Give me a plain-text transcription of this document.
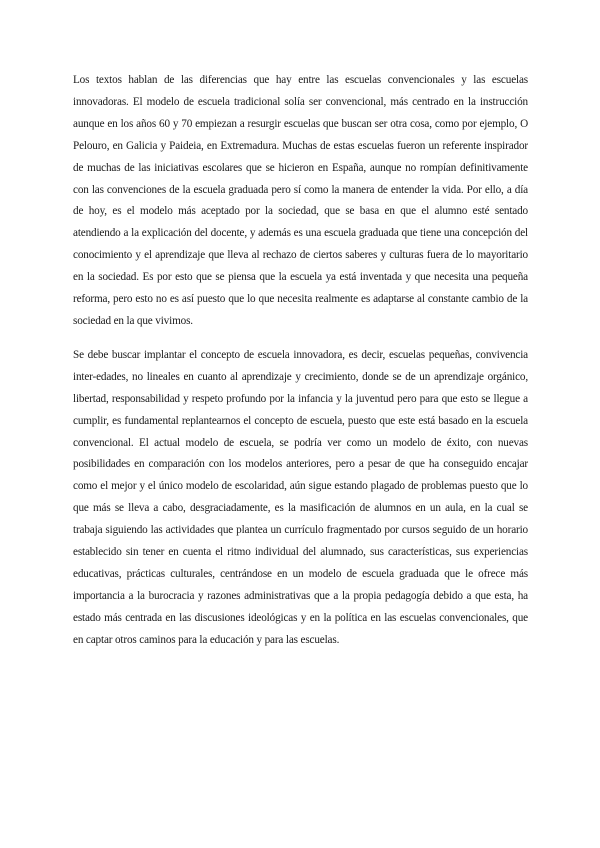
Los textos hablan de las diferencias que hay entre las escuelas convencionales y las escuelas innovadoras. El modelo de escuela tradicional solía ser convencional, más centrado en la instrucción aunque en los años 60 y 70 empiezan a resurgir escuelas que buscan ser otra cosa, como por ejemplo, O Pelouro, en Galicia y Paideia, en Extremadura. Muchas de estas escuelas fueron un referente inspirador de muchas de las iniciativas escolares que se hicieron en España, aunque no rompían definitivamente con las convenciones de la escuela graduada pero sí como la manera de entender la vida. Por ello, a día de hoy, es el modelo más aceptado por la sociedad, que se basa en que el alumno esté sentado atendiendo a la explicación del docente, y además es una escuela graduada que tiene una concepción del conocimiento y el aprendizaje que lleva al rechazo de ciertos saberes y culturas fuera de lo mayoritario en la sociedad. Es por esto que se piensa que la escuela ya está inventada y que necesita una pequeña reforma, pero esto no es así puesto que lo que necesita realmente es adaptarse al constante cambio de la sociedad en la que vivimos.

Se debe buscar implantar el concepto de escuela innovadora, es decir, escuelas pequeñas, convivencia inter-edades, no lineales en cuanto al aprendizaje y crecimiento, donde se de un aprendizaje orgánico, libertad, responsabilidad y respeto profundo por la infancia y la juventud pero para que esto se llegue a cumplir, es fundamental replantearnos el concepto de escuela, puesto que este está basado en la escuela convencional. El actual modelo de escuela, se podría ver como un modelo de éxito, con nuevas posibilidades en comparación con los modelos anteriores, pero a pesar de que ha conseguido encajar como el mejor y el único modelo de escolaridad, aún sigue estando plagado de problemas puesto que lo que más se lleva a cabo, desgraciadamente, es la masificación de alumnos en un aula, en la cual se trabaja siguiendo las actividades que plantea un currículo fragmentado por cursos seguido de un horario establecido sin tener en cuenta el ritmo individual del alumnado, sus características, sus experiencias educativas, prácticas culturales, centrándose en un modelo de escuela graduada que le ofrece más importancia a la burocracia y razones administrativas que a la propia pedagogía debido a que esta, ha estado más centrada en las discusiones ideológicas y en la política en las escuelas convencionales, que en captar otros caminos para la educación y para las escuelas.
